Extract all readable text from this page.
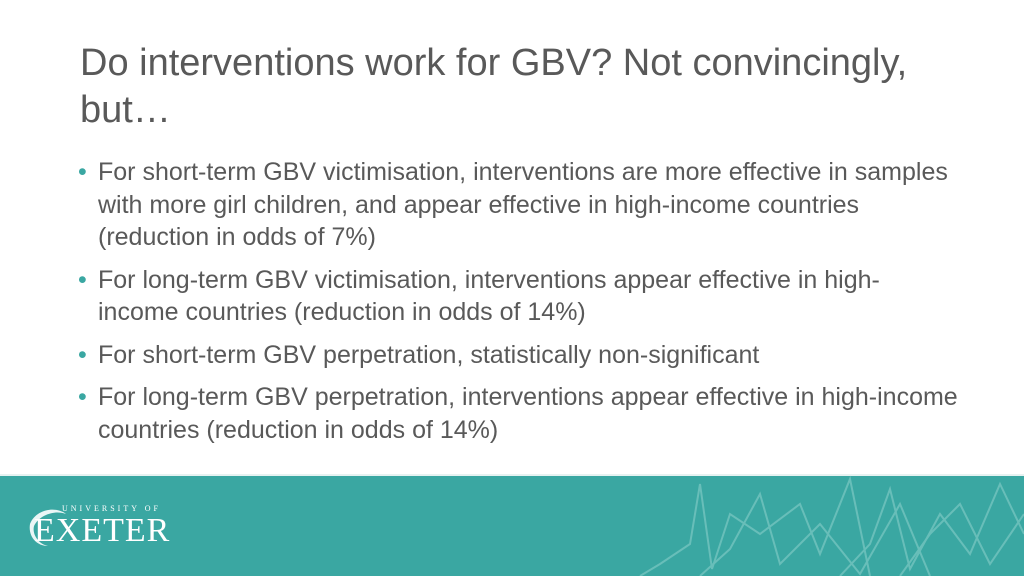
Do interventions work for GBV? Not convincingly, but…
• For short-term GBV victimisation, interventions are more effective in samples with more girl children, and appear effective in high-income countries (reduction in odds of 7%)
• For long-term GBV victimisation, interventions appear effective in high-income countries (reduction in odds of 14%)
• For short-term GBV perpetration, statistically non-significant
• For long-term GBV perpetration, interventions appear effective in high-income countries (reduction in odds of 14%)
UNIVERSITY OF
EXETER
